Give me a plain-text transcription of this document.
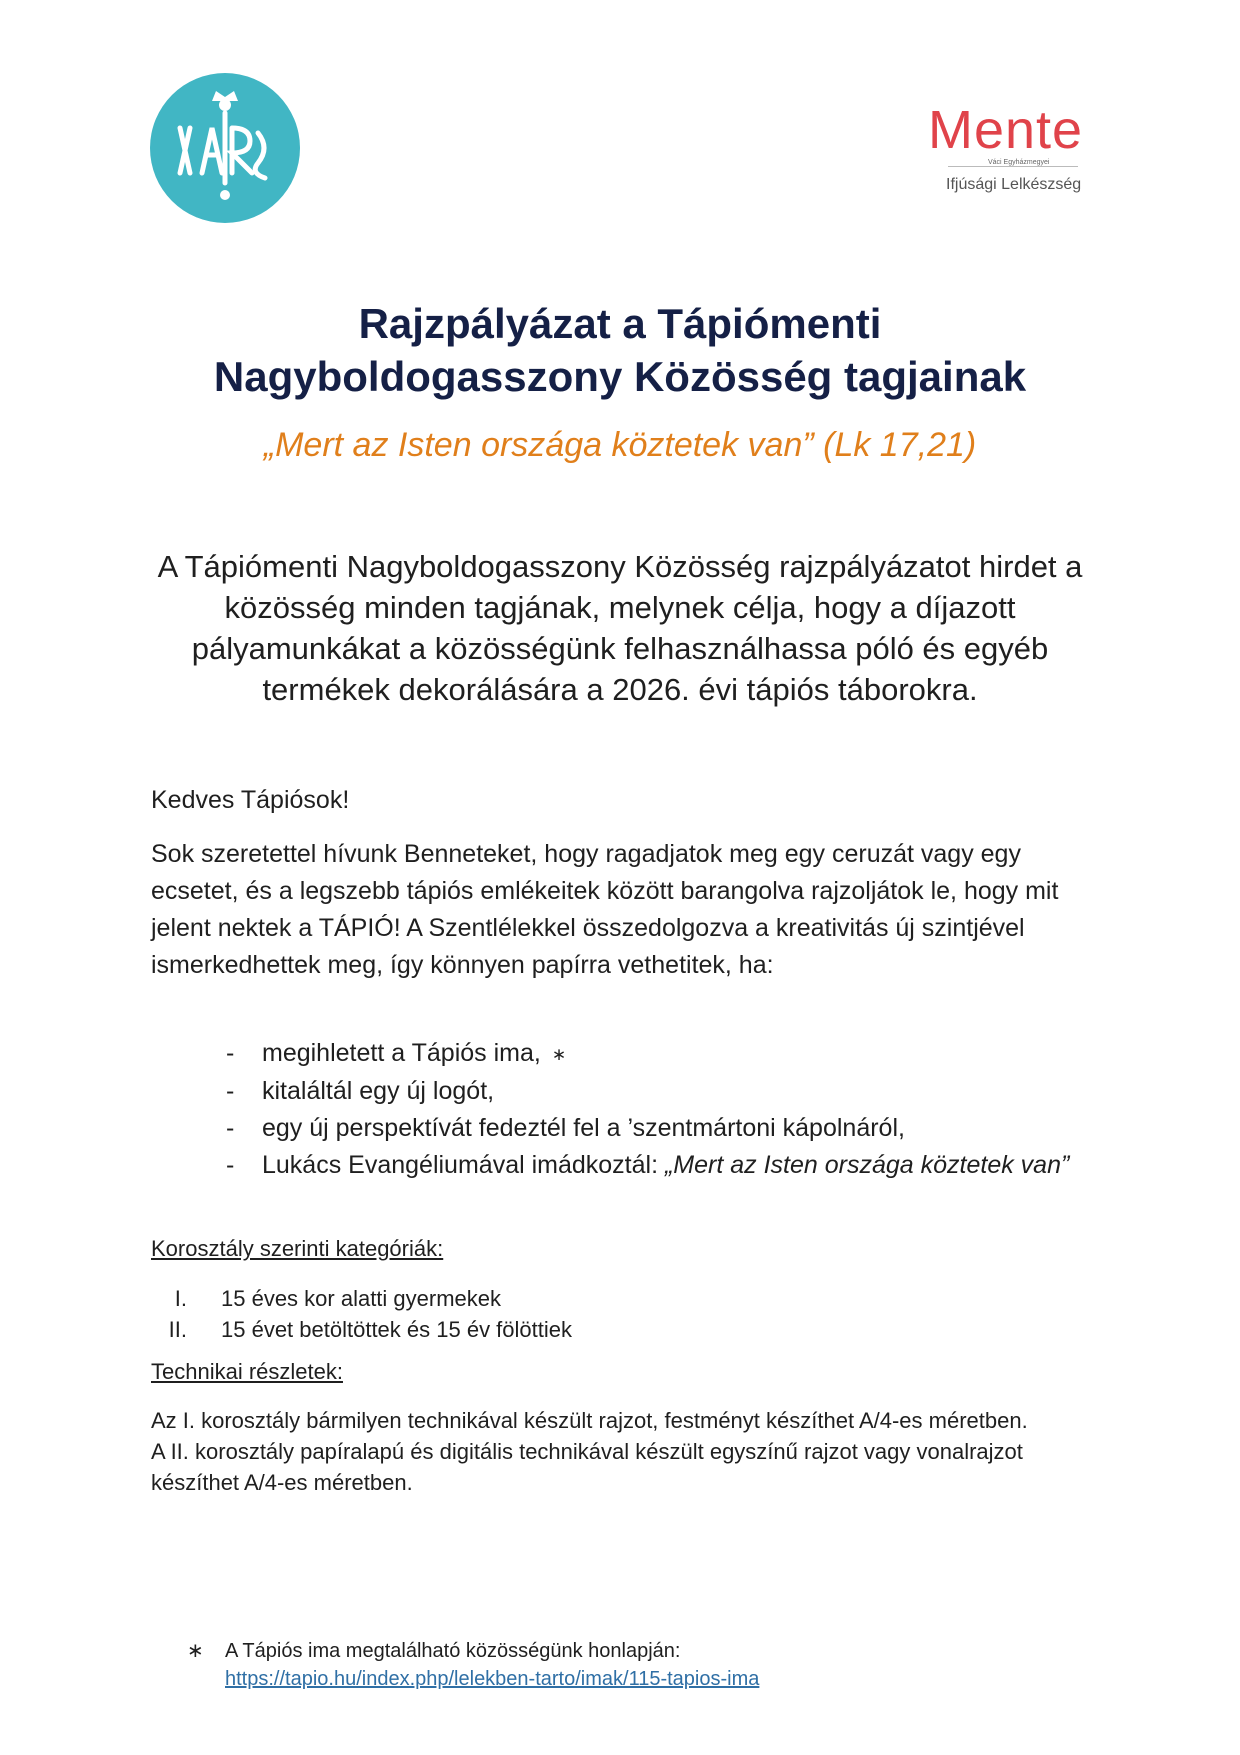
Mente
Váci Egyházmegyei
Ifjúsági Lelkészség
Rajzpályázat a Tápiómenti
Nagyboldogasszony Közösség tagjainak
„Mert az Isten országa köztetek van” (Lk 17,21)
A Tápiómenti Nagyboldogasszony Közösség rajzpályázatot hirdet a közösség minden tagjának, melynek célja, hogy a díjazott pályamunkákat a közösségünk felhasználhassa póló és egyéb termékek dekorálására a 2026. évi tápiós táborokra.
Kedves Tápiósok!
Sok szeretettel hívunk Benneteket, hogy ragadjatok meg egy ceruzát vagy egy ecsetet, és a legszebb tápiós emlékeitek között barangolva rajzoljátok le, hogy mit jelent nektek a TÁPIÓ! A Szentlélekkel összedolgozva a kreativitás új szintjével ismerkedhettek meg, így könnyen papírra vethetitek, ha:
-	megihletett a Tápiós ima, ∗
-	kitaláltál egy új logót,
-	egy új perspektívát fedeztél fel a ’szentmártoni kápolnáról,
-	Lukács Evangéliumával imádkoztál: „Mert az Isten országa köztetek van”
Korosztály szerinti kategóriák:
I. 15 éves kor alatti gyermekek
II. 15 évet betöltöttek és 15 év fölöttiek
Technikai részletek:
Az I. korosztály bármilyen technikával készült rajzot, festményt készíthet A/4-es méretben.
A II. korosztály papíralapú és digitális technikával készült egyszínű rajzot vagy vonalrajzot készíthet A/4-es méretben.
∗	A Tápiós ima megtalálható közösségünk honlapján:
https://tapio.hu/index.php/lelekben-tarto/imak/115-tapios-ima
